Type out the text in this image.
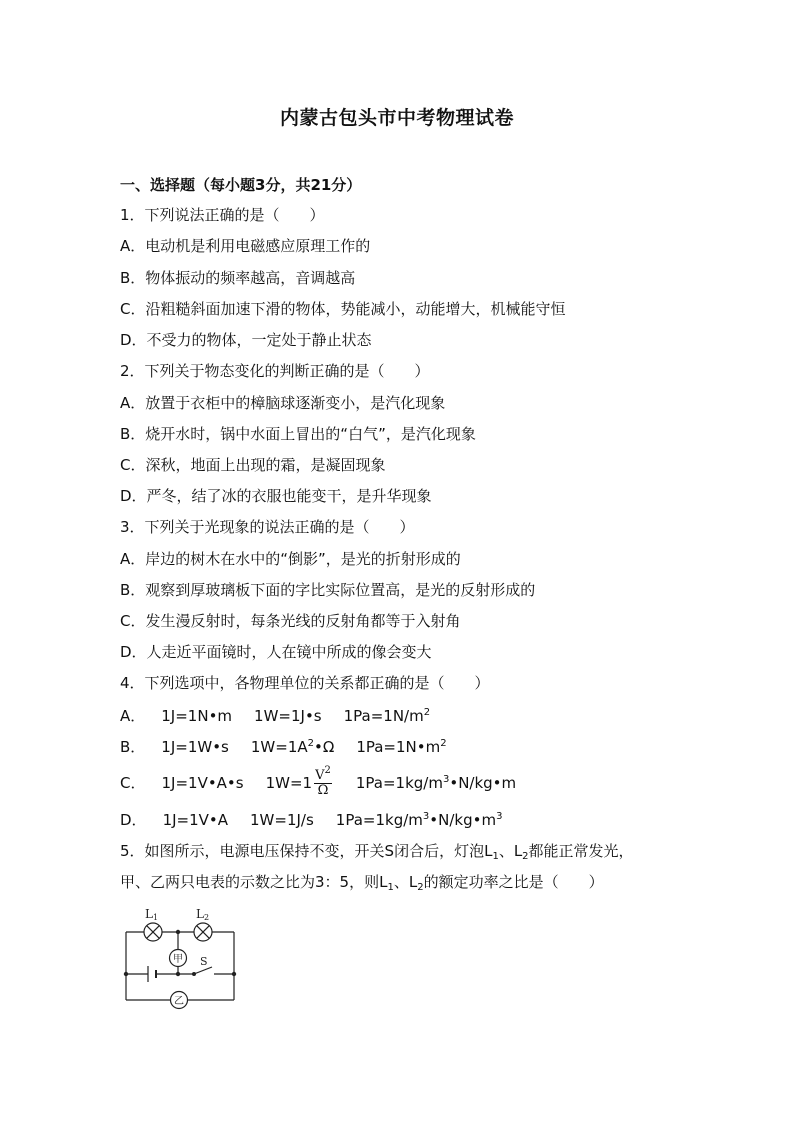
内蒙古包头市中考物理试卷
一、选择题（每小题3分，共21分）
1．下列说法正确的是（　　）
A．电动机是利用电磁感应原理工作的
B．物体振动的频率越高，音调越高
C．沿粗糙斜面加速下滑的物体，势能减小，动能增大，机械能守恒
D．不受力的物体，一定处于静止状态
2．下列关于物态变化的判断正确的是（　　）
A．放置于衣柜中的樟脑球逐渐变小，是汽化现象
B．烧开水时，锅中水面上冒出的“白气”，是汽化现象
C．深秋，地面上出现的霜，是凝固现象
D．严冬，结了冰的衣服也能变干，是升华现象
3．下列关于光现象的说法正确的是（　　）
A．岸边的树木在水中的“倒影”，是光的折射形成的
B．观察到厚玻璃板下面的字比实际位置高，是光的反射形成的
C．发生漫反射时，每条光线的反射角都等于入射角
D．人走近平面镜时，人在镜中所成的像会变大
4．下列选项中，各物理单位的关系都正确的是（　　）
A． 1J=1N•m 1W=1J•s $1Pa=1N/m^2$
B． 1J=1W•s $1W=1A^2•\Omega$ $1Pa=1N•m^2$
C． 1J=1V•A•s $1W=1 \frac{V^2}{\Omega}$ $1Pa=1kg/m^3•N/kg•m$
D． 1J=1V•A 1W=1J/s $1Pa=1kg/m^3•N/kg•m^3$
5．如图所示，电源电压保持不变，开关S闭合后，灯泡$L_1$、$L_2$都能正常发光，
甲、乙两只电表的示数之比为3：5，则$L_1$、$L_2$的额定功率之比是（　　）
L1	L2
S
甲
乙
